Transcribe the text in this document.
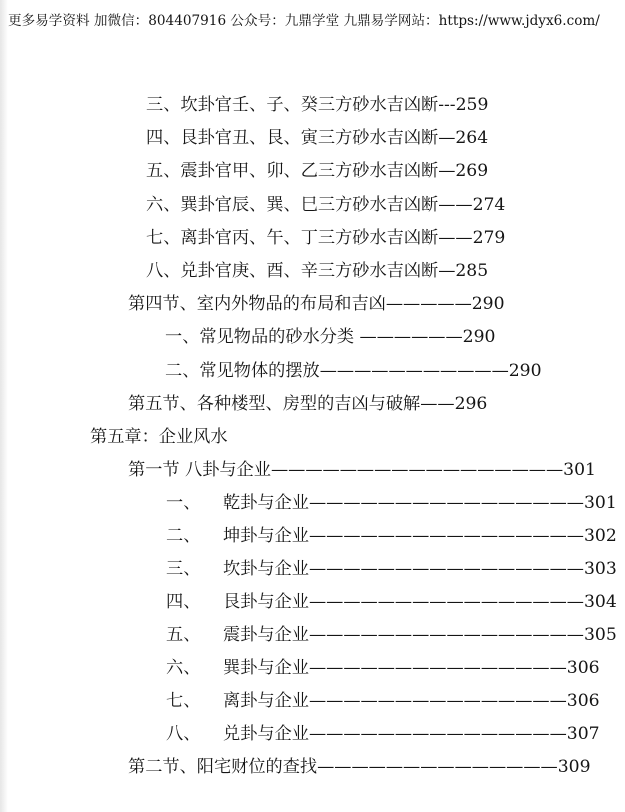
更多易学资料 加微信：804407916 公众号：九鼎学堂 九鼎易学网站：https://www.jdyx6.com/
三、坎卦官壬、子、癸三方砂水吉凶断---259
四、艮卦官丑、艮、寅三方砂水吉凶断—264
五、震卦官甲、卯、乙三方砂水吉凶断—269
六、巽卦官辰、巽、巳三方砂水吉凶断——274
七、离卦官丙、午、丁三方砂水吉凶断——279
八、兑卦官庚、酉、辛三方砂水吉凶断—285
第四节、室内外物品的布局和吉凶—————290
一、常见物品的砂水分类 ——————290
二、常见物体的摆放———————————290
第五节、各种楼型、房型的吉凶与破解——296
第五章：企业风水
第一节 八卦与企业—————————————————301
一、 乾卦与企业————————————————301
二、 坤卦与企业————————————————302
三、 坎卦与企业————————————————303
四、 艮卦与企业————————————————304
五、 震卦与企业————————————————305
六、 巽卦与企业———————————————306
七、 离卦与企业———————————————306
八、 兑卦与企业———————————————307
第二节、阳宅财位的查找——————————————309
